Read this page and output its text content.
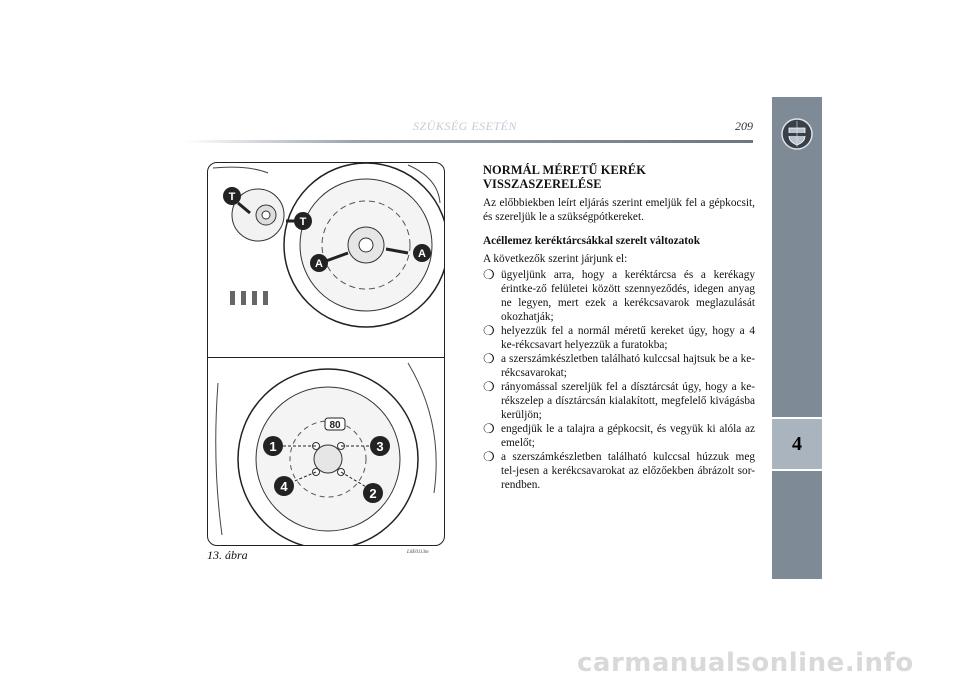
SZÜKSÉG ESETÉN	209
4
T
T
A
A
1
2
3
4
80
13. ábra	L0E0113m
NORMÁL MÉRETŰ KERÉK VISSZASZERELÉSE

Az előbbiekben leírt eljárás szerint emeljük fel a gépkocsit, és szereljük le a szükségpótkereket.

Acéllemez keréktárcsákkal szerelt változatok
A következők szerint járjunk el:
❍ ügyeljünk arra, hogy a keréktárcsa és a kerékagy érintke-ző felületei között szennyeződés, idegen anyag ne legyen, mert ezek a kerékcsavarok meglazulását okozhatják;
❍ helyezzük fel a normál méretű kereket úgy, hogy a 4 ke-rékcsavart helyezzük a furatokba;
❍ a szerszámkészletben található kulccsal hajtsuk be a ke-rékcsavarokat;
❍ rányomással szereljük fel a dísztárcsát úgy, hogy a ke-rékszelep a dísztárcsán kialakított, megfelelő kivágásba kerüljön;
❍ engedjük le a talajra a gépkocsit, és vegyük ki alóla az emelőt;
❍ a szerszámkészletben található kulccsal húzzuk meg tel-jesen a kerékcsavarokat az előzőekben ábrázolt sor-rendben.
carmanualsonline.info
